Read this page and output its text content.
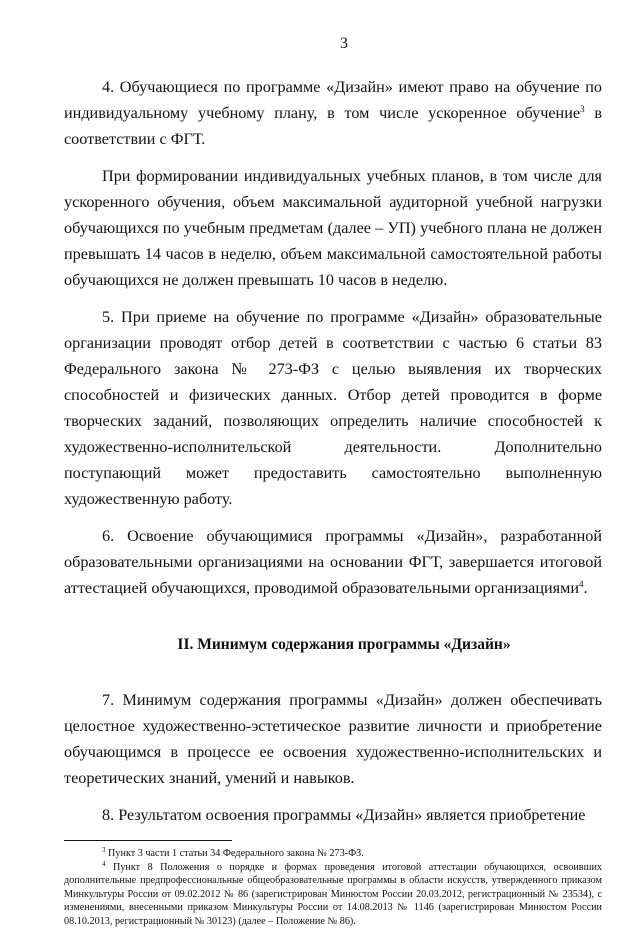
3

4. Обучающиеся по программе «Дизайн» имеют право на обучение по индивидуальному учебному плану, в том числе ускоренное обучение$^3$ в соответствии с ФГТ.

При формировании индивидуальных учебных планов, в том числе для ускоренного обучения, объем максимальной аудиторной учебной нагрузки обучающихся по учебным предметам (далее – УП) учебного плана не должен превышать 14 часов в неделю, объем максимальной самостоятельной работы обучающихся не должен превышать 10 часов в неделю.

5. При приеме на обучение по программе «Дизайн» образовательные организации проводят отбор детей в соответствии с частью 6 статьи 83 Федерального закона № 273-ФЗ с целью выявления их творческих способностей и физических данных. Отбор детей проводится в форме творческих заданий, позволяющих определить наличие способностей к художественно-исполнительской деятельности. Дополнительно поступающий может предоставить самостоятельно выполненную художественную работу.

6. Освоение обучающимися программы «Дизайн», разработанной образовательными организациями на основании ФГТ, завершается итоговой аттестацией обучающихся, проводимой образовательными организациями$^4$.

II. Минимум содержания программы «Дизайн»

7. Минимум содержания программы «Дизайн» должен обеспечивать целостное художественно-эстетическое развитие личности и приобретение обучающимся в процессе ее освоения художественно-исполнительских и теоретических знаний, умений и навыков.

8. Результатом освоения программы «Дизайн» является приобретение

$^3$ Пункт 3 части 1 статьи 34 Федерального закона № 273-ФЗ.

$^4$ Пункт 8 Положения о порядке и формах проведения итоговой аттестации обучающихся, освоивших дополнительные предпрофессиональные общеобразовательные программы в области искусств, утвержденного приказом Минкультуры России от 09.02.2012 № 86 (зарегистрирован Минюстом России 20.03.2012, регистрационный № 23534), с изменениями, внесенными приказом Минкультуры России от 14.08.2013 № 1146 (зарегистрирован Минюстом России 08.10.2013, регистрационный № 30123) (далее – Положение № 86).
